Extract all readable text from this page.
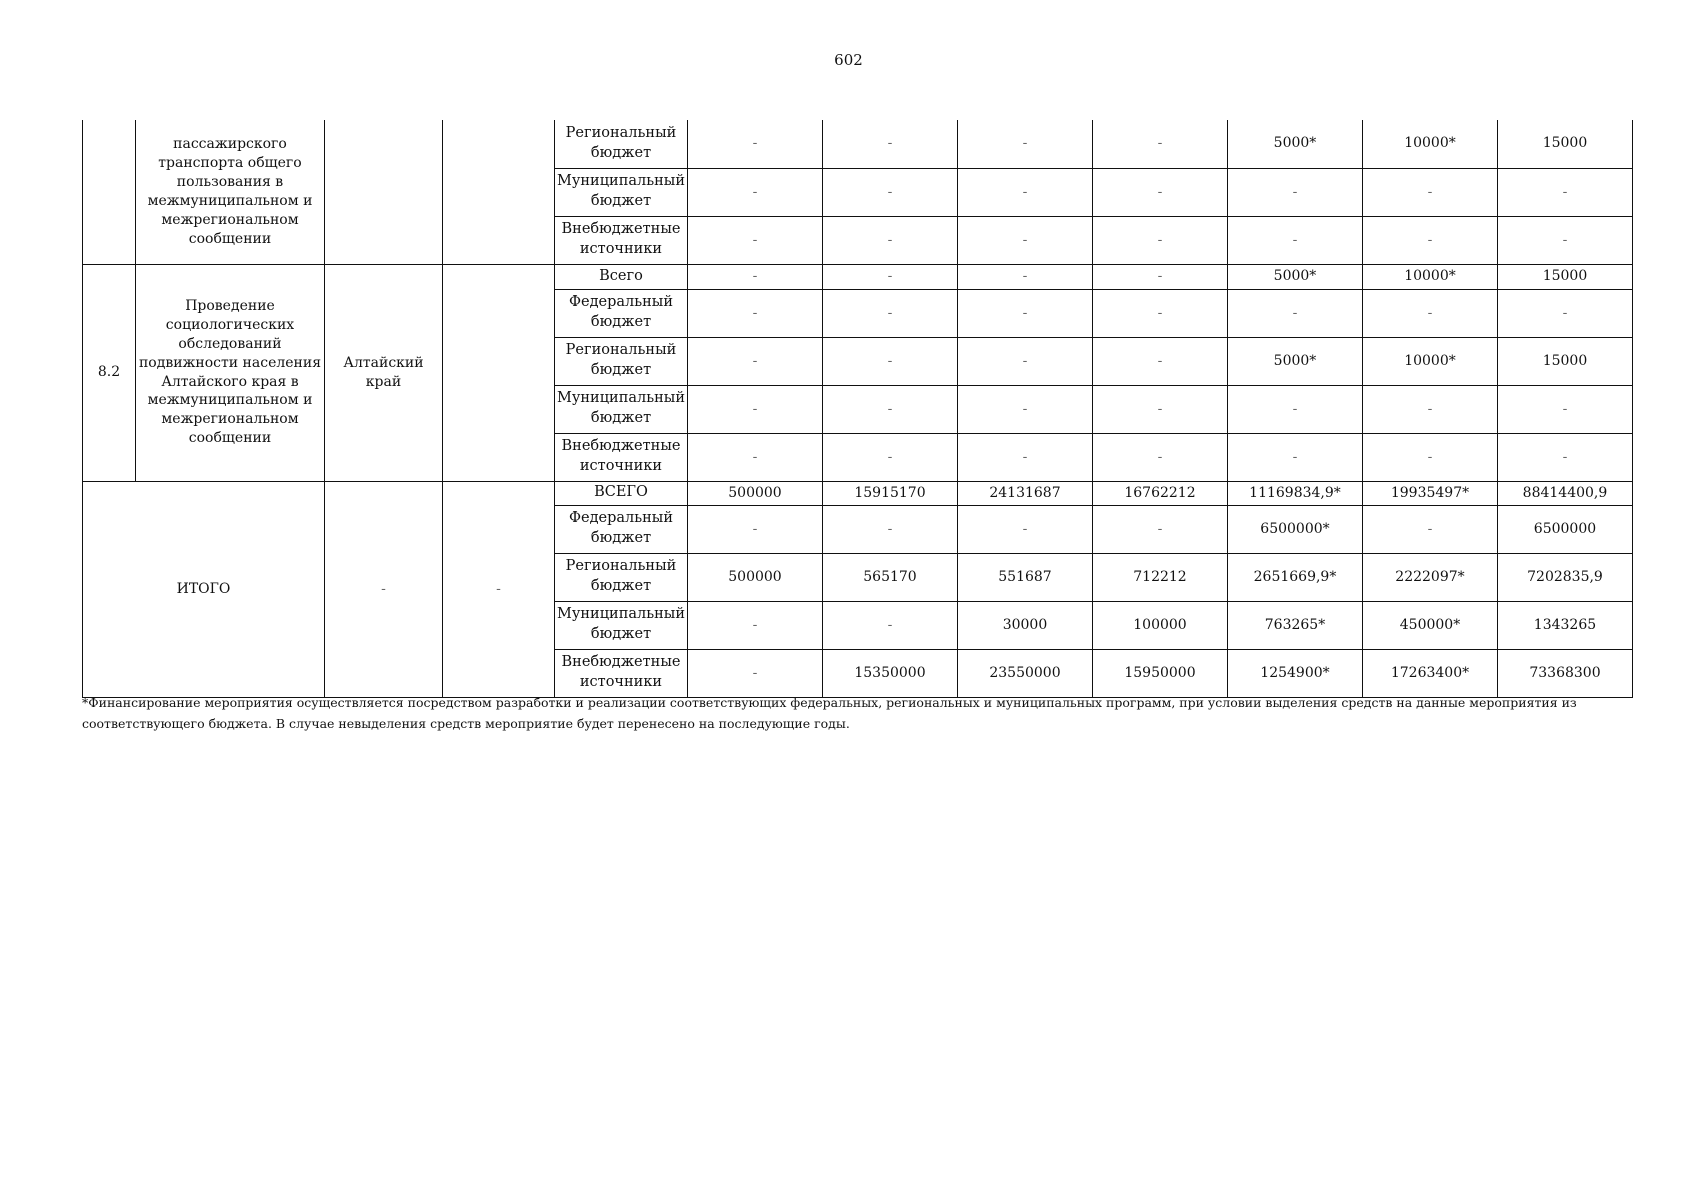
602
	пассажирского транспорта общего пользования в межмуниципальном и межрегиональном сообщении			Региональный бюджет	-	-	-	-	5000*	10000*	15000
				Муниципальный бюджет	-	-	-	-	-	-	-
				Внебюджетные источники	-	-	-	-	-	-	-
8.2	Проведение социологических обследований подвижности населения Алтайского края в межмуниципальном и межрегиональном сообщении	Алтайский край		Всего	-	-	-	-	5000*	10000*	15000
				Федеральный бюджет	-	-	-	-	-	-	-
				Региональный бюджет	-	-	-	-	5000*	10000*	15000
				Муниципальный бюджет	-	-	-	-	-	-	-
				Внебюджетные источники	-	-	-	-	-	-	-
ИТОГО		-	-	ВСЕГО	500000	15915170	24131687	16762212	11169834,9*	19935497*	88414400,9
				Федеральный бюджет	-	-	-	-	6500000*	-	6500000
				Региональный бюджет	500000	565170	551687	712212	2651669,9*	2222097*	7202835,9
				Муниципальный бюджет	-	-	30000	100000	763265*	450000*	1343265
				Внебюджетные источники	-	15350000	23550000	15950000	1254900*	17263400*	73368300
*Финансирование мероприятия осуществляется посредством разработки и реализации соответствующих федеральных, региональных и муниципальных программ, при условии выделения средств на данные мероприятия из соответствующего бюджета. В случае невыделения средств мероприятие будет перенесено на последующие годы.
